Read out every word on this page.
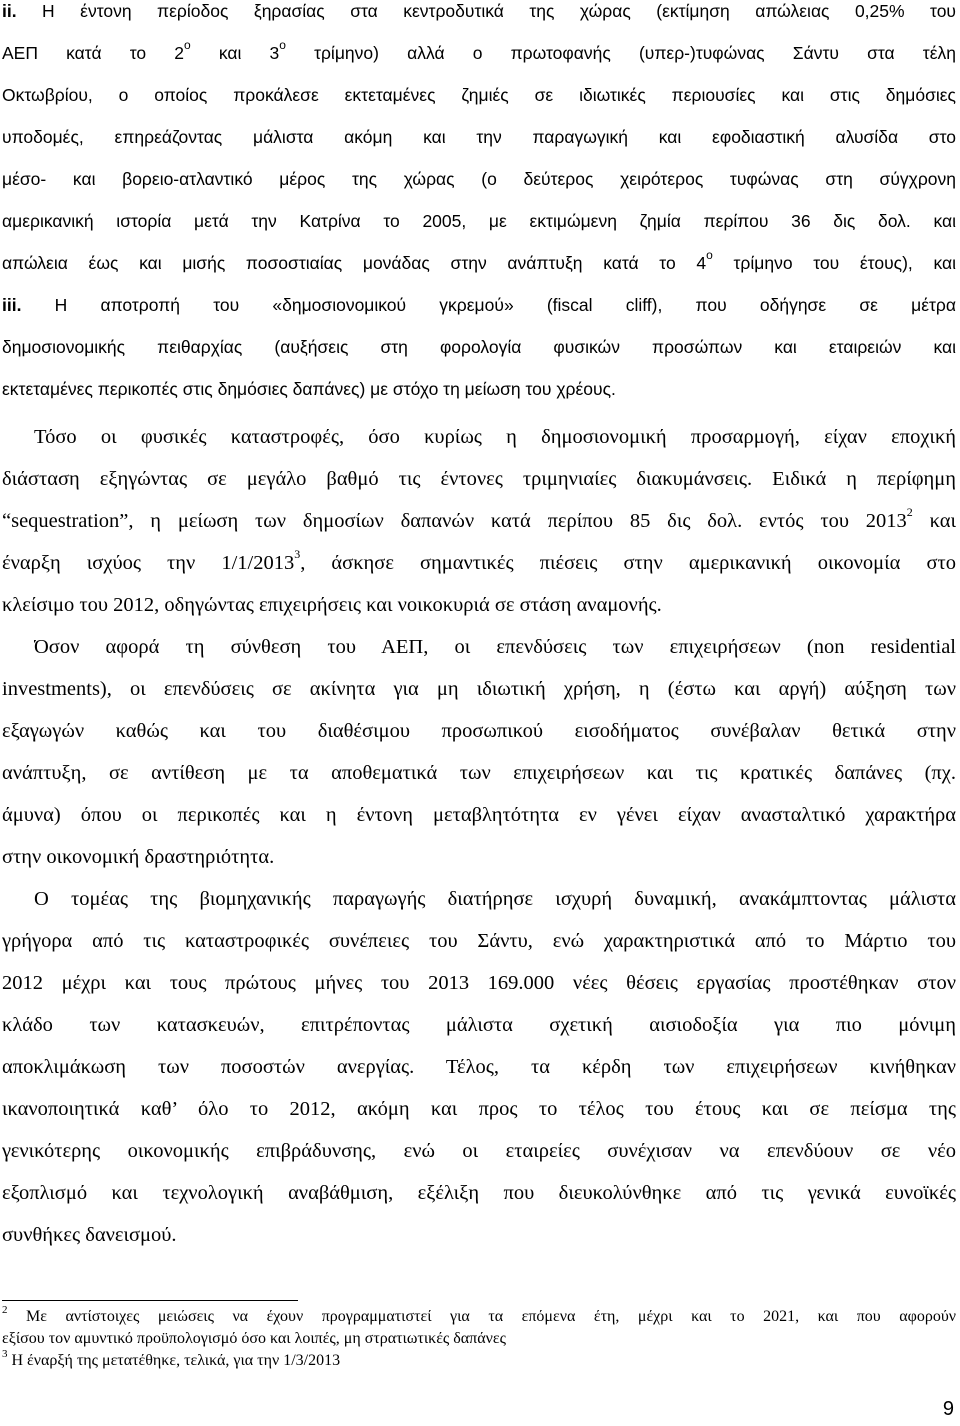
ii. Η έντονη περίοδος ξηρασίας στα κεντροδυτικά της χώρας (εκτίμηση απώλειας 0,25% του
ΑΕΠ κατά το $2^o$ και $3^o$ τρίμηνο) αλλά ο πρωτοφανής (υπερ-)τυφώνας Σάντυ στα τέλη
Οκτωβρίου, ο οποίος προκάλεσε εκτεταμένες ζημιές σε ιδιωτικές περιουσίες και στις δημόσιες
υποδομές, επηρεάζοντας μάλιστα ακόμη και την παραγωγική και εφοδιαστική αλυσίδα στο
μέσο- και βορειο-ατλαντικό μέρος της χώρας (ο δεύτερος χειρότερος τυφώνας στη σύγχρονη
αμερικανική ιστορία μετά την Κατρίνα το 2005, με εκτιμώμενη ζημία περίπου 36 δις δολ. και
απώλεια έως και μισής ποσοστιαίας μονάδας στην ανάπτυξη κατά το $4^o$ τρίμηνο του έτους), και
iii. Η αποτροπή του «δημοσιονομικού γκρεμού» (fiscal cliff), που οδήγησε σε μέτρα
δημοσιονομικής πειθαρχίας (αυξήσεις στη φορολογία φυσικών προσώπων και εταιρειών και
εκτεταμένες περικοπές στις δημόσιες δαπάνες) με στόχο τη μείωση του χρέους.
Τόσο οι φυσικές καταστροφές, όσο κυρίως η δημοσιονομική προσαρμογή, είχαν εποχική
διάσταση εξηγώντας σε μεγάλο βαθμό τις έντονες τριμηνιαίες διακυμάνσεις. Ειδικά η περίφημη
“sequestration”, η μείωση των δημοσίων δαπανών κατά περίπου 85 δις δολ. εντός του 2013$^2$ και
έναρξη ισχύος την 1/1/2013$^3$, άσκησε σημαντικές πιέσεις στην αμερικανική οικονομία στο
κλείσιμο του 2012, οδηγώντας επιχειρήσεις και νοικοκυριά σε στάση αναμονής.
Όσον αφορά τη σύνθεση του ΑΕΠ, οι επενδύσεις των επιχειρήσεων (non residential
investments), οι επενδύσεις σε ακίνητα για μη ιδιωτική χρήση, η (έστω και αργή) αύξηση των
εξαγωγών καθώς και του διαθέσιμου προσωπικού εισοδήματος συνέβαλαν θετικά στην
ανάπτυξη, σε αντίθεση με τα αποθεματικά των επιχειρήσεων και τις κρατικές δαπάνες (πχ.
άμυνα) όπου οι περικοπές και η έντονη μεταβλητότητα εν γένει είχαν ανασταλτικό χαρακτήρα
στην οικονομική δραστηριότητα.
Ο τομέας της βιομηχανικής παραγωγής διατήρησε ισχυρή δυναμική, ανακάμπτοντας μάλιστα
γρήγορα από τις καταστροφικές συνέπειες του Σάντυ, ενώ χαρακτηριστικά από το Μάρτιο του
2012 μέχρι και τους πρώτους μήνες του 2013 169.000 νέες θέσεις εργασίας προστέθηκαν στον
κλάδο των κατασκευών, επιτρέποντας μάλιστα σχετική αισιοδοξία για πιο μόνιμη
αποκλιμάκωση των ποσοστών ανεργίας. Τέλος, τα κέρδη των επιχειρήσεων κινήθηκαν
ικανοποιητικά καθ’ όλο το 2012, ακόμη και προς το τέλος του έτους και σε πείσμα της
γενικότερης οικονομικής επιβράδυνσης, ενώ οι εταιρείες συνέχισαν να επενδύουν σε νέο
εξοπλισμό και τεχνολογική αναβάθμιση, εξέλιξη που διευκολύνθηκε από τις γενικά ευνοϊκές
συνθήκες δανεισμού.
$^2$ Με αντίστοιχες μειώσεις να έχουν προγραμματιστεί για τα επόμενα έτη, μέχρι και το 2021, και που αφορούν
εξίσου τον αμυντικό προϋπολογισμό όσο και λοιπές, μη στρατιωτικές δαπάνες
$^3$ Η έναρξή της μετατέθηκε, τελικά, για την 1/3/2013
9
